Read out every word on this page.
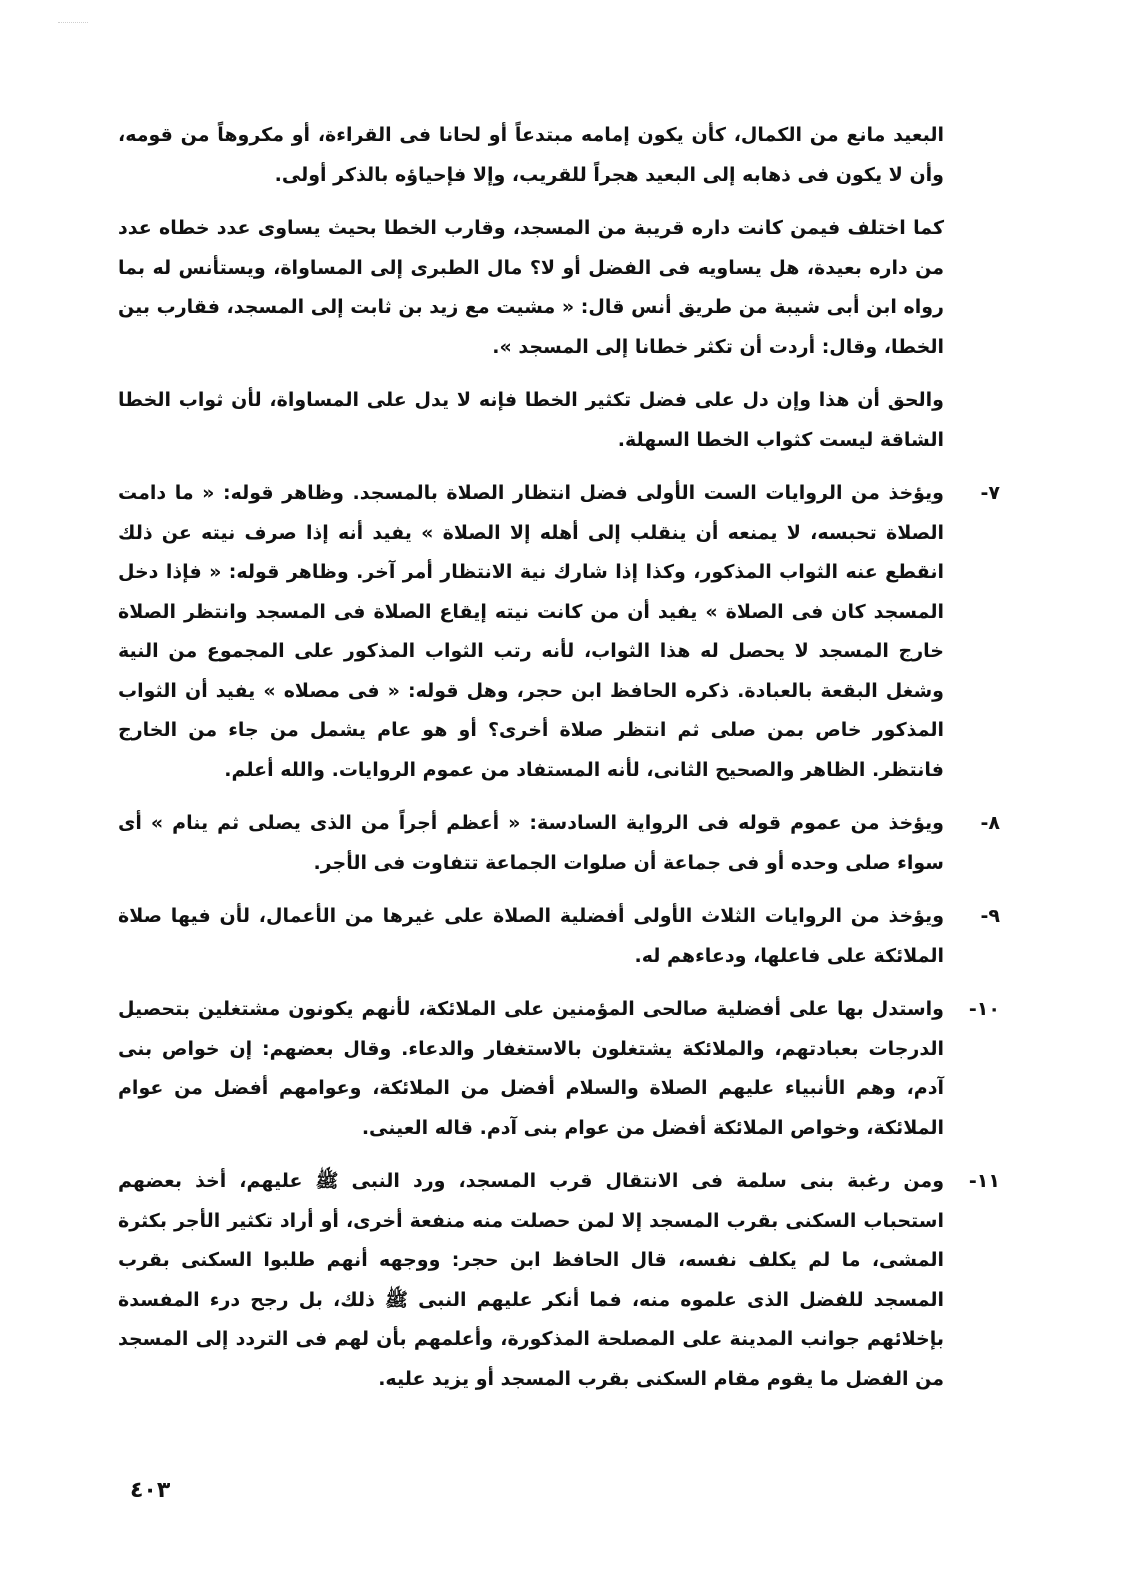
البعيد مانع من الكمال، كأن يكون إمامه مبتدعاً أو لحانا فى القراءة، أو مكروهاً من قومه، وأن لا يكون فى ذهابه إلى البعيد هجراً للقريب، وإلا فإحياؤه بالذكر أولى.

كما اختلف فيمن كانت داره قريبة من المسجد، وقارب الخطا بحيث يساوى عدد خطاه عدد من داره بعيدة، هل يساويه فى الفضل أو لا؟ مال الطبرى إلى المساواة، ويستأنس له بما رواه ابن أبى شيبة من طريق أنس قال: « مشيت مع زيد بن ثابت إلى المسجد، فقارب بين الخطا، وقال: أردت أن تكثر خطانا إلى المسجد ».

والحق أن هذا وإن دل على فضل تكثير الخطا فإنه لا يدل على المساواة، لأن ثواب الخطا الشاقة ليست كثواب الخطا السهلة.

٧-
ويؤخذ من الروايات الست الأولى فضل انتظار الصلاة بالمسجد. وظاهر قوله: « ما دامت الصلاة تحبسه، لا يمنعه أن ينقلب إلى أهله إلا الصلاة » يفيد أنه إذا صرف نيته عن ذلك انقطع عنه الثواب المذكور، وكذا إذا شارك نية الانتظار أمر آخر. وظاهر قوله: « فإذا دخل المسجد كان فى الصلاة » يفيد أن من كانت نيته إيقاع الصلاة فى المسجد وانتظر الصلاة خارج المسجد لا يحصل له هذا الثواب، لأنه رتب الثواب المذكور على المجموع من النية وشغل البقعة بالعبادة. ذكره الحافظ ابن حجر، وهل قوله: « فى مصلاه » يفيد أن الثواب المذكور خاص بمن صلى ثم انتظر صلاة أخرى؟ أو هو عام يشمل من جاء من الخارج فانتظر. الظاهر والصحيح الثانى، لأنه المستفاد من عموم الروايات. والله أعلم.
٨-
ويؤخذ من عموم قوله فى الرواية السادسة: « أعظم أجراً من الذى يصلى ثم ينام » أى سواء صلى وحده أو فى جماعة أن صلوات الجماعة تتفاوت فى الأجر.
٩-
ويؤخذ من الروايات الثلاث الأولى أفضلية الصلاة على غيرها من الأعمال، لأن فيها صلاة الملائكة على فاعلها، ودعاءهم له.
١٠-
واستدل بها على أفضلية صالحى المؤمنين على الملائكة، لأنهم يكونون مشتغلين بتحصيل الدرجات بعبادتهم، والملائكة يشتغلون بالاستغفار والدعاء. وقال بعضهم: إن خواص بنى آدم، وهم الأنبياء عليهم الصلاة والسلام أفضل من الملائكة، وعوامهم أفضل من عوام الملائكة، وخواص الملائكة أفضل من عوام بنى آدم. قاله العينى.
١١-
ومن رغبة بنى سلمة فى الانتقال قرب المسجد، ورد النبى ﷺ عليهم، أخذ بعضهم استحباب السكنى بقرب المسجد إلا لمن حصلت منه منفعة أخرى، أو أراد تكثير الأجر بكثرة المشى، ما لم يكلف نفسه، قال الحافظ ابن حجر: ووجهه أنهم طلبوا السكنى بقرب المسجد للفضل الذى علموه منه، فما أنكر عليهم النبى ﷺ ذلك، بل رجح درء المفسدة بإخلائهم جوانب المدينة على المصلحة المذكورة، وأعلمهم بأن لهم فى التردد إلى المسجد من الفضل ما يقوم مقام السكنى بقرب المسجد أو يزيد عليه.
٤٠٣
